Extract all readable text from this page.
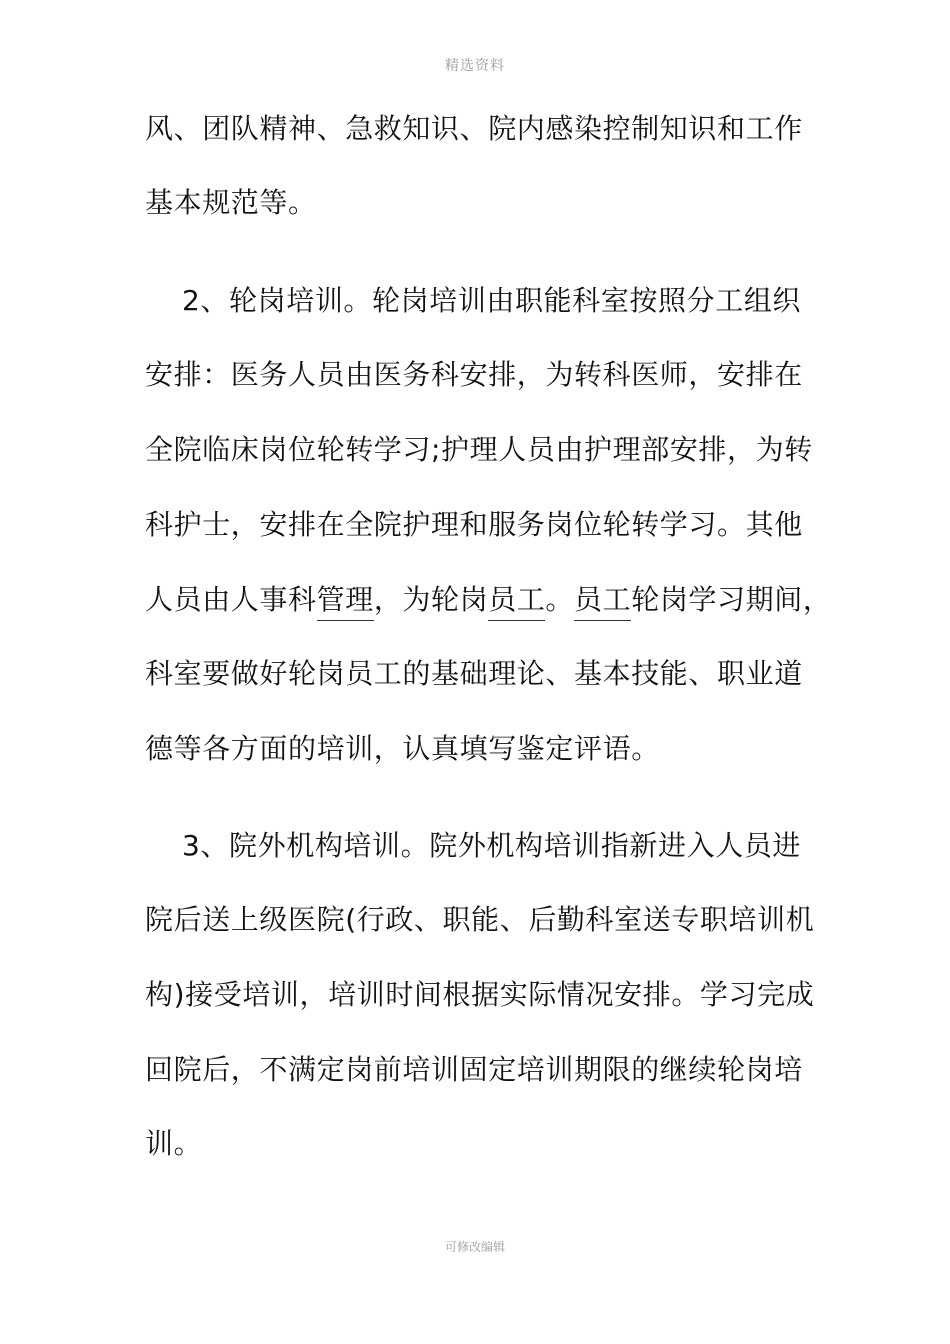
精选资料
风、团队精神、急救知识、院内感染控制知识和工作
基本规范等。
2、轮岗培训。轮岗培训由职能科室按照分工组织
安排：医务人员由医务科安排，为转科医师，安排在
全院临床岗位轮转学习;护理人员由护理部安排，为转
科护士，安排在全院护理和服务岗位轮转学习。其他
人员由人事科管理，为轮岗员工。员工轮岗学习期间，
科室要做好轮岗员工的基础理论、基本技能、职业道
德等各方面的培训，认真填写鉴定评语。
3、院外机构培训。院外机构培训指新进入人员进
院后送上级医院(行政、职能、后勤科室送专职培训机
构)接受培训，培训时间根据实际情况安排。学习完成
回院后，不满定岗前培训固定培训期限的继续轮岗培
训。
可修改编辑
